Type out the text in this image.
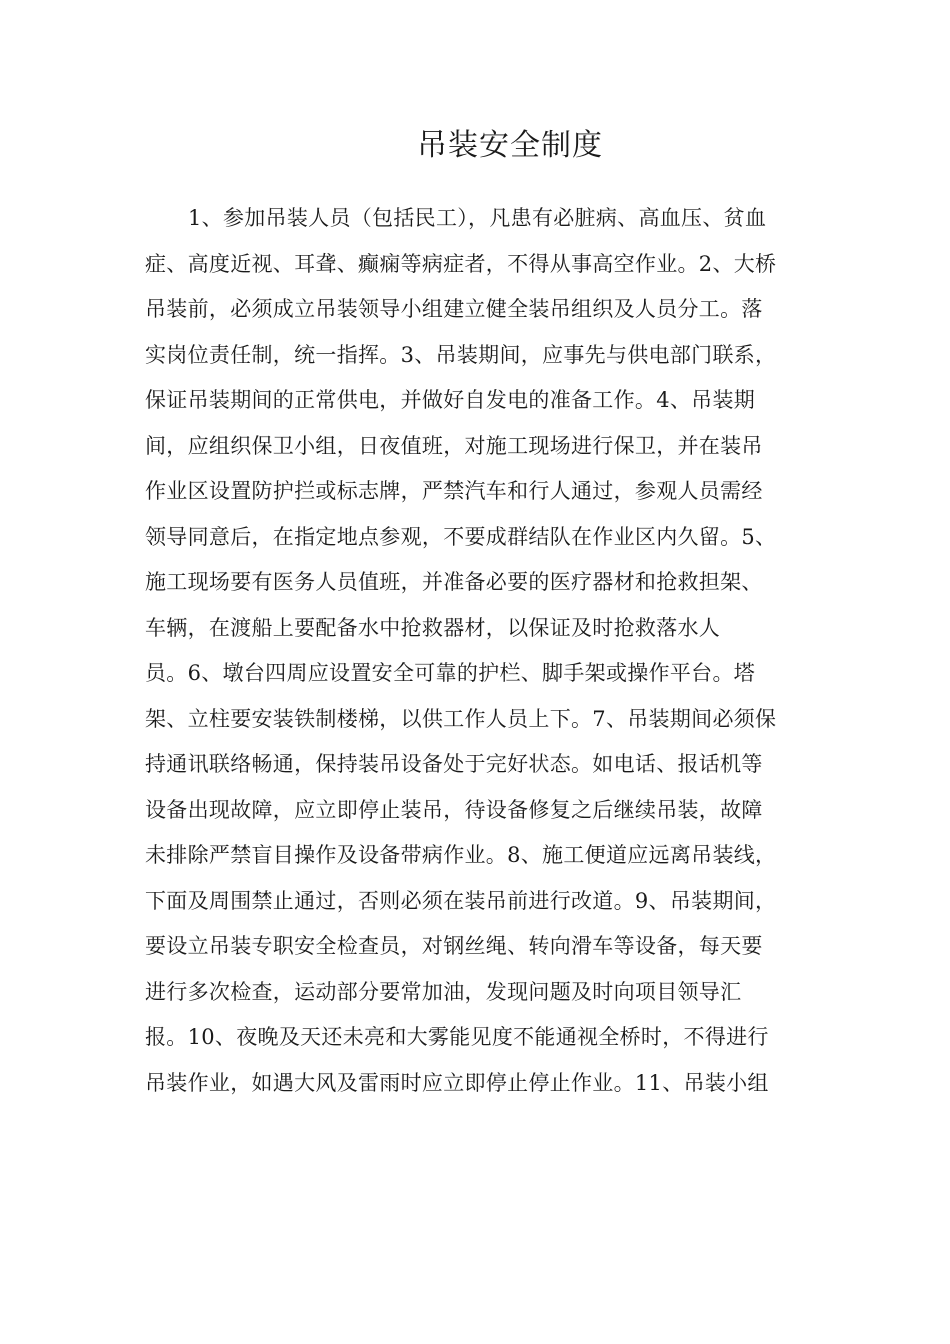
吊装安全制度
1、参加吊装人员（包括民工），凡患有必脏病、高血压、贫血
症、高度近视、耳聋、癫痫等病症者，不得从事高空作业。2、大桥
吊装前，必须成立吊装领导小组建立健全装吊组织及人员分工。落
实岗位责任制，统一指挥。3、吊装期间，应事先与供电部门联系，
保证吊装期间的正常供电，并做好自发电的准备工作。4、吊装期
间，应组织保卫小组，日夜值班，对施工现场进行保卫，并在装吊
作业区设置防护拦或标志牌，严禁汽车和行人通过，参观人员需经
领导同意后，在指定地点参观，不要成群结队在作业区内久留。5、
施工现场要有医务人员值班，并准备必要的医疗器材和抢救担架、
车辆，在渡船上要配备水中抢救器材，以保证及时抢救落水人
员。6、墩台四周应设置安全可靠的护栏、脚手架或操作平台。塔
架、立柱要安装铁制楼梯，以供工作人员上下。7、吊装期间必须保
持通讯联络畅通，保持装吊设备处于完好状态。如电话、报话机等
设备出现故障，应立即停止装吊，待设备修复之后继续吊装，故障
未排除严禁盲目操作及设备带病作业。8、施工便道应远离吊装线，
下面及周围禁止通过，否则必须在装吊前进行改道。9、吊装期间，
要设立吊装专职安全检查员，对钢丝绳、转向滑车等设备，每天要
进行多次检查，运动部分要常加油，发现问题及时向项目领导汇
报。10、夜晚及天还未亮和大雾能见度不能通视全桥时，不得进行
吊装作业，如遇大风及雷雨时应立即停止停止作业。11、吊装小组
